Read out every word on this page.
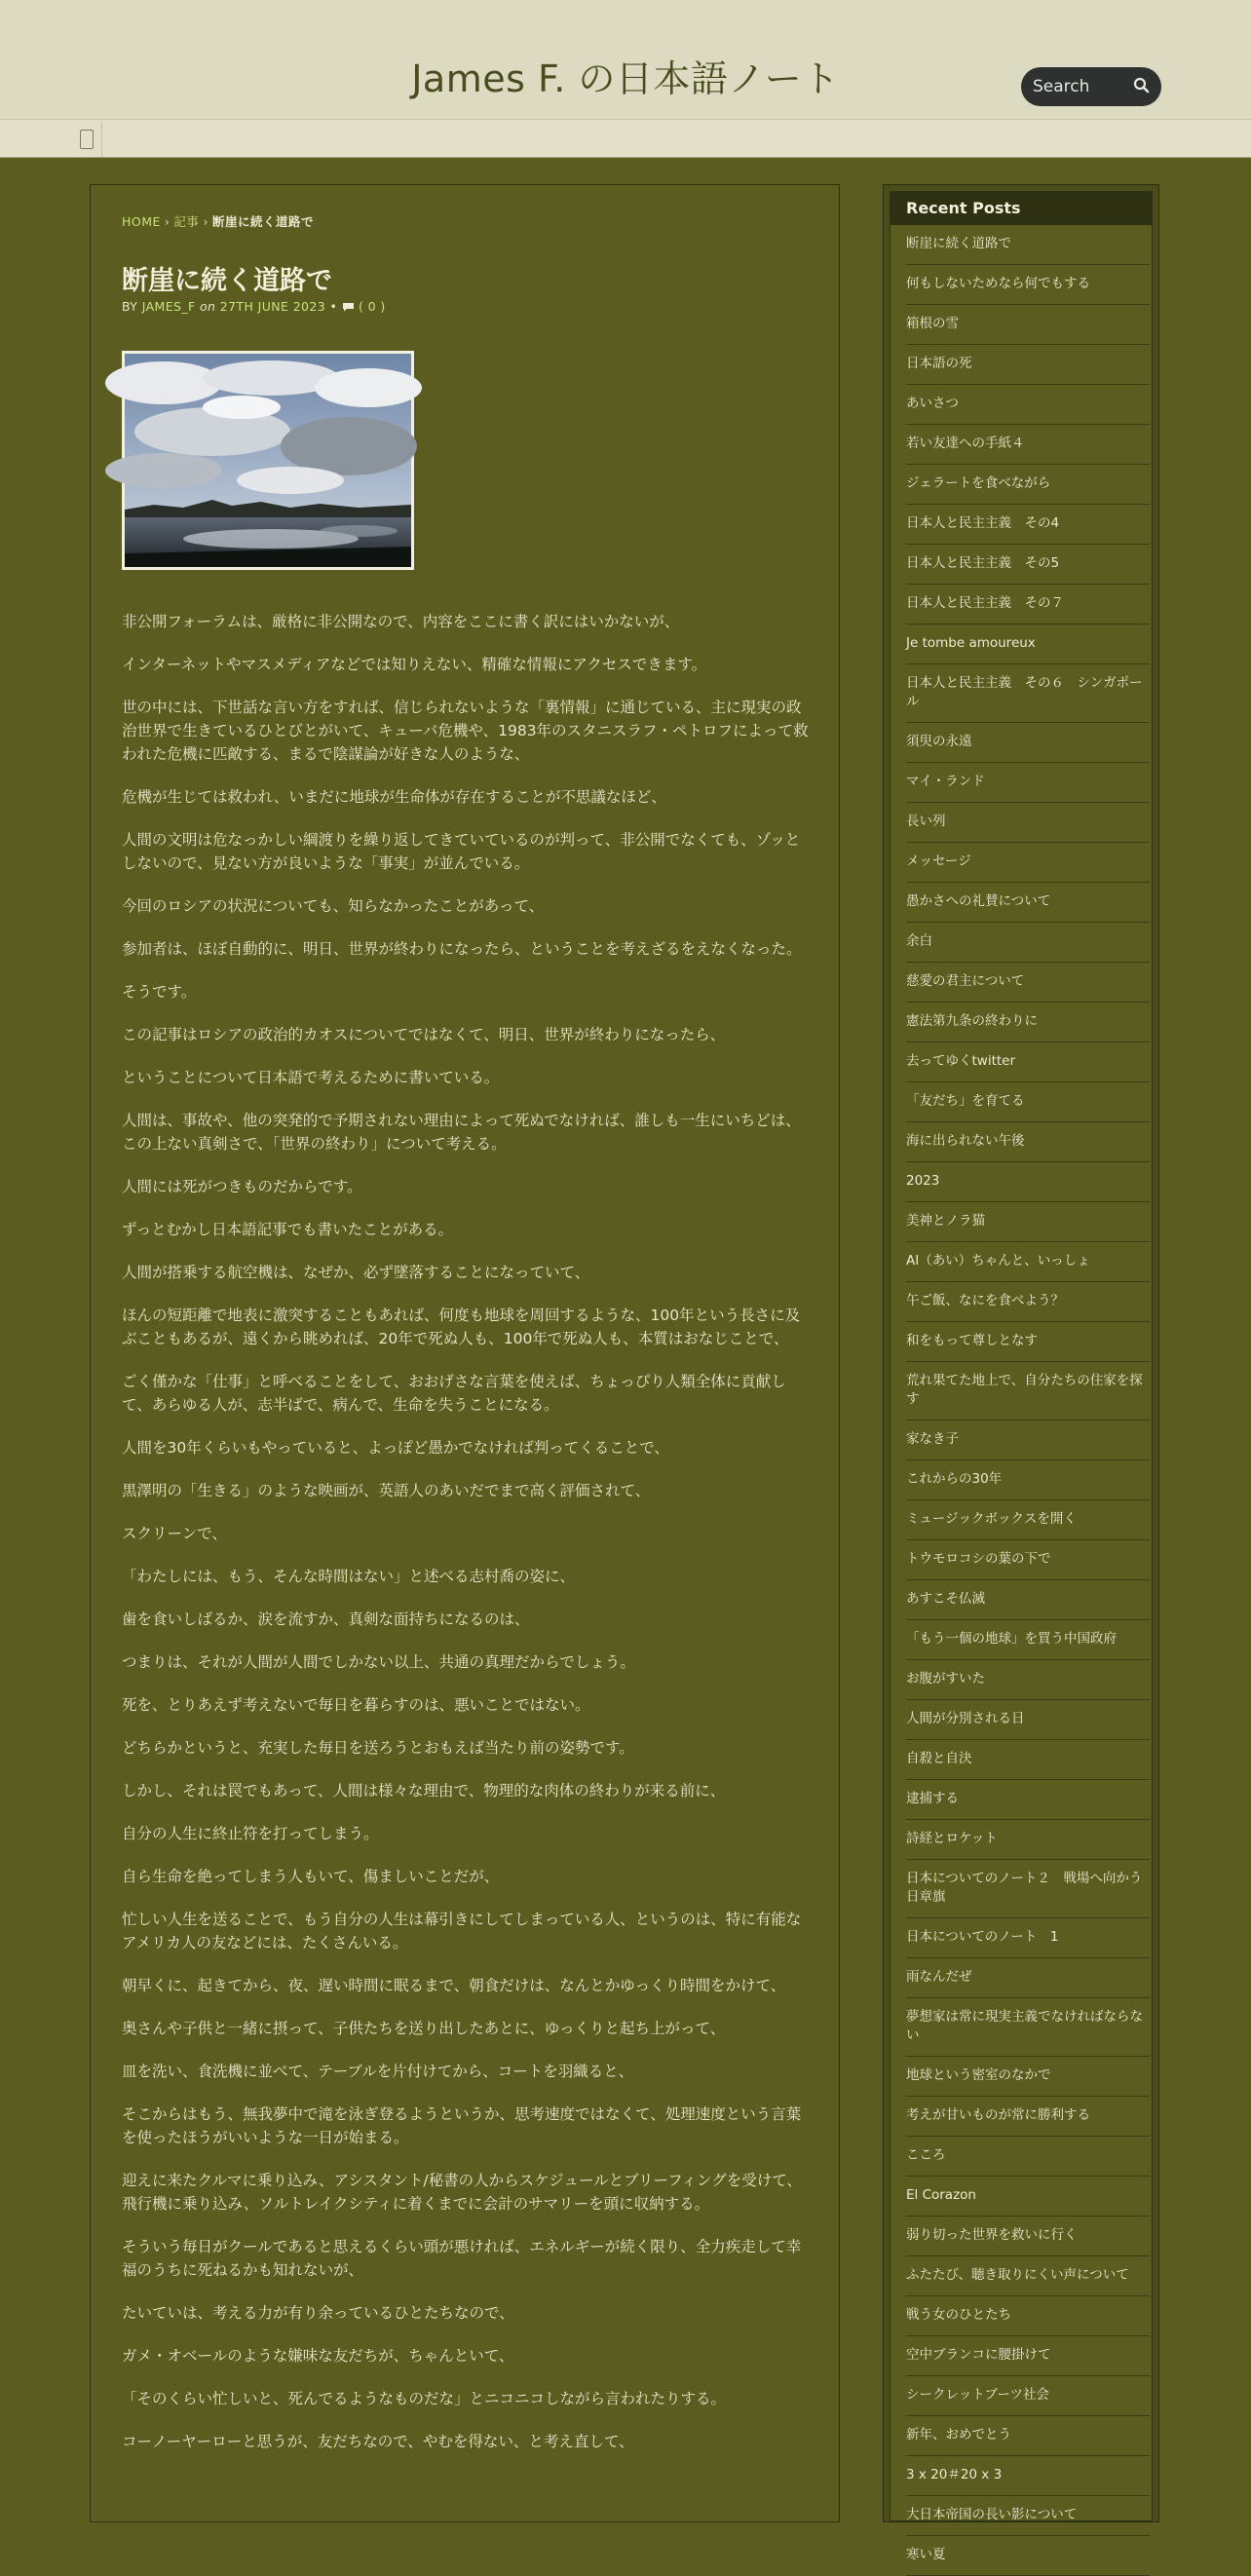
James F. の日本語ノート
Search
HOME › 記事 › 断崖に続く道路で
断崖に続く道路で
BY JAMES_F on 27TH JUNE 2023 • ( 0 )

非公開フォーラムは、厳格に非公開なので、内容をここに書く訳にはいかないが、

インターネットやマスメディアなどでは知りえない、精確な情報にアクセスできます。

世の中には、下世話な言い方をすれば、信じられないような「裏情報」に通じている、主に現実の政治世界で生きているひとびとがいて、キューバ危機や、1983年のスタニスラフ・ペトロフによって救われた危機に匹敵する、まるで陰謀論が好きな人のような、

危機が生じては救われ、いまだに地球が生命体が存在することが不思議なほど、

人間の文明は危なっかしい綱渡りを繰り返してきていているのが判って、非公開でなくても、ゾッとしないので、見ない方が良いような「事実」が並んでいる。

今回のロシアの状況についても、知らなかったことがあって、

参加者は、ほぼ自動的に、明日、世界が終わりになったら、ということを考えざるをえなくなった。

そうです。

この記事はロシアの政治的カオスについてではなくて、明日、世界が終わりになったら、

ということについて日本語で考えるために書いている。

人間は、事故や、他の突発的で予期されない理由によって死ぬでなければ、誰しも一生にいちどは、この上ない真剣さで、「世界の終わり」について考える。

人間には死がつきものだからです。

ずっとむかし日本語記事でも書いたことがある。

人間が搭乗する航空機は、なぜか、必ず墜落することになっていて、

ほんの短距離で地表に激突することもあれば、何度も地球を周回するような、100年という長さに及ぶこともあるが、遠くから眺めれば、20年で死ぬ人も、100年で死ぬ人も、本質はおなじことで、

ごく僅かな「仕事」と呼べることをして、おおげさな言葉を使えば、ちょっぴり人類全体に貢献して、あらゆる人が、志半ばで、病んで、生命を失うことになる。

人間を30年くらいもやっていると、よっぽど愚かでなければ判ってくることで、

黒澤明の「生きる」のような映画が、英語人のあいだでまで高く評価されて、

スクリーンで、

「わたしには、もう、そんな時間はない」と述べる志村喬の姿に、

歯を食いしばるか、涙を流すか、真剣な面持ちになるのは、

つまりは、それが人間が人間でしかない以上、共通の真理だからでしょう。

死を、とりあえず考えないで毎日を暮らすのは、悪いことではない。

どちらかというと、充実した毎日を送ろうとおもえば当たり前の姿勢です。

しかし、それは罠でもあって、人間は様々な理由で、物理的な肉体の終わりが来る前に、

自分の人生に終止符を打ってしまう。

自ら生命を絶ってしまう人もいて、傷ましいことだが、

忙しい人生を送ることで、もう自分の人生は幕引きにしてしまっている人、というのは、特に有能なアメリカ人の友などには、たくさんいる。

朝早くに、起きてから、夜、遅い時間に眠るまで、朝食だけは、なんとかゆっくり時間をかけて、

奥さんや子供と一緒に摂って、子供たちを送り出したあとに、ゆっくりと起ち上がって、

皿を洗い、食洗機に並べて、テーブルを片付けてから、コートを羽織ると、

そこからはもう、無我夢中で滝を泳ぎ登るようというか、思考速度ではなくて、処理速度という言葉を使ったほうがいいような一日が始まる。

迎えに来たクルマに乗り込み、アシスタント/秘書の人からスケジュールとブリーフィングを受けて、飛行機に乗り込み、ソルトレイクシティに着くまでに会計のサマリーを頭に収納する。

そういう毎日がクールであると思えるくらい頭が悪ければ、エネルギーが続く限り、全力疾走して幸福のうちに死ねるかも知れないが、

たいていは、考える力が有り余っているひとたちなので、

ガメ・オベールのような嫌味な友だちが、ちゃんといて、

「そのくらい忙しいと、死んでるようなものだな」とニコニコしながら言われたりする。

コーノーヤーローと思うが、友だちなので、やむを得ない、と考え直して、

Recent Posts
断崖に続く道路で
何もしないためなら何でもする
箱根の雪
日本語の死
あいさつ
若い友達への手紙４
ジェラートを食べながら
日本人と民主主義　その4
日本人と民主主義　その5
日本人と民主主義　その７
Je tombe amoureux
日本人と民主主義　その６　シンガポール
須臾の永遠
マイ・ランド
長い列
メッセージ
愚かさへの礼賛について
余白
慈愛の君主について
憲法第九条の終わりに
去ってゆくtwitter
「友だち」を育てる
海に出られない午後
2023
美神とノラ猫
AI（あい）ちゃんと、いっしょ
午ご飯、なにを食べよう？
和をもって尊しとなす
荒れ果てた地上で、自分たちの住家を探す
家なき子
これからの30年
ミュージックボックスを開く
トウモロコシの葉の下で
あすこそ仏滅
「もう一個の地球」を買う中国政府
お腹がすいた
人間が分別される日
自殺と自決
逮捕する
詩経とロケット
日本についてのノート２　戦場へ向かう日章旗
日本についてのノート　1
雨なんだぜ
夢想家は常に現実主義でなければならない
地球という密室のなかで
考えが甘いものが常に勝利する
こころ
El Corazon
弱り切った世界を救いに行く
ふたたび、聴き取りにくい声について
戦う女のひとたち
空中ブランコに腰掛けて
シークレットブーツ社会
新年、おめでとう
3 x 20＃20 x 3
大日本帝国の長い影について
寒い夏
